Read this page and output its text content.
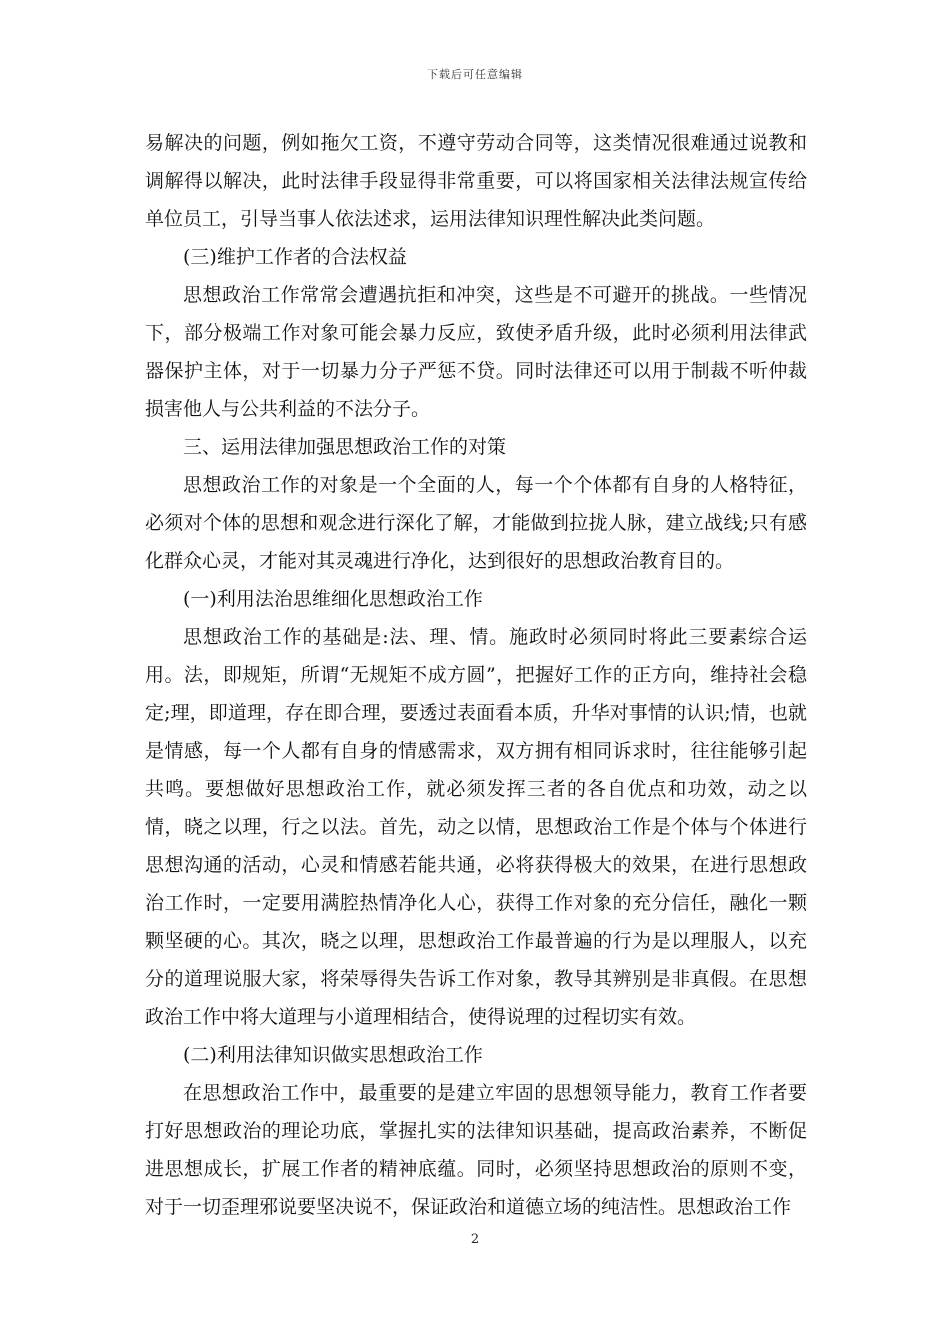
下载后可任意编辑

易解决的问题，例如拖欠工资，不遵守劳动合同等，这类情况很难通过说教和调解得以解决，此时法律手段显得非常重要，可以将国家相关法律法规宣传给单位员工，引导当事人依法述求，运用法律知识理性解决此类问题。

(三)维护工作者的合法权益

思想政治工作常常会遭遇抗拒和冲突，这些是不可避开的挑战。一些情况下，部分极端工作对象可能会暴力反应，致使矛盾升级，此时必须利用法律武器保护主体，对于一切暴力分子严惩不贷。同时法律还可以用于制裁不听仲裁损害他人与公共利益的不法分子。

三、运用法律加强思想政治工作的对策

思想政治工作的对象是一个全面的人，每一个个体都有自身的人格特征，必须对个体的思想和观念进行深化了解，才能做到拉拢人脉，建立战线;只有感化群众心灵，才能对其灵魂进行净化，达到很好的思想政治教育目的。

(一)利用法治思维细化思想政治工作

思想政治工作的基础是:法、理、情。施政时必须同时将此三要素综合运用。法，即规矩，所谓“无规矩不成方圆”，把握好工作的正方向，维持社会稳定;理，即道理，存在即合理，要透过表面看本质，升华对事情的认识;情，也就是情感，每一个人都有自身的情感需求，双方拥有相同诉求时，往往能够引起共鸣。要想做好思想政治工作，就必须发挥三者的各自优点和功效，动之以情，晓之以理，行之以法。首先，动之以情，思想政治工作是个体与个体进行思想沟通的活动，心灵和情感若能共通，必将获得极大的效果，在进行思想政治工作时，一定要用满腔热情净化人心，获得工作对象的充分信任，融化一颗颗坚硬的心。其次，晓之以理，思想政治工作最普遍的行为是以理服人，以充分的道理说服大家，将荣辱得失告诉工作对象，教导其辨别是非真假。在思想政治工作中将大道理与小道理相结合，使得说理的过程切实有效。

(二)利用法律知识做实思想政治工作

在思想政治工作中，最重要的是建立牢固的思想领导能力，教育工作者要打好思想政治的理论功底，掌握扎实的法律知识基础，提高政治素养，不断促进思想成长，扩展工作者的精神底蕴。同时，必须坚持思想政治的原则不变，对于一切歪理邪说要坚决说不，保证政治和道德立场的纯洁性。思想政治工作

2
